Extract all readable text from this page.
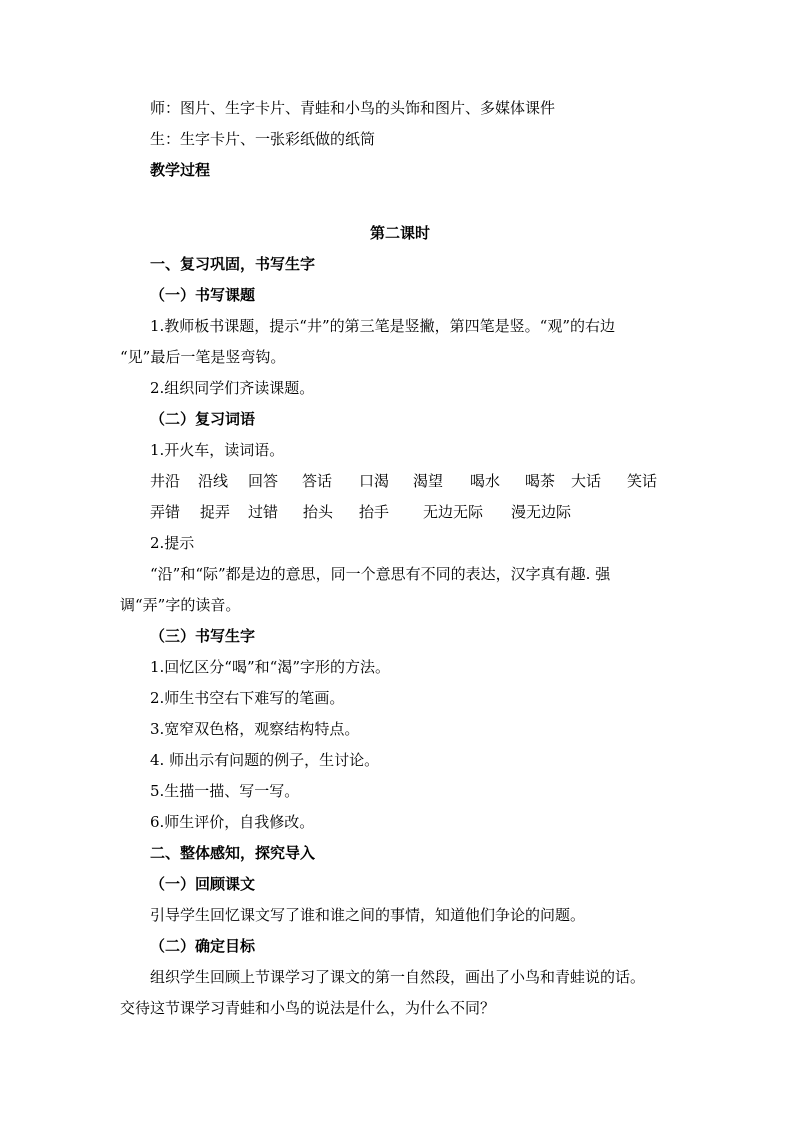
师：图片、生字卡片、青蛙和小鸟的头饰和图片、多媒体课件

生：生字卡片、一张彩纸做的纸筒

教学过程

第二课时

一、复习巩固，书写生字

（一）书写课题

1.教师板书课题，提示“井”的第三笔是竖撇，第四笔是竖。“观”的右边

“见”最后一笔是竖弯钩。

2.组织同学们齐读课题。

（二）复习词语

1.开火车，读词语。

井沿	沿线	回答	答话	口渴	渴望	喝水	喝茶	大话	笑话
弄错	捉弄	过错	抬头	抬手	无边无际	漫无边际

2.提示

“沿”和“际”都是边的意思，同一个意思有不同的表达，汉字真有趣. 强

调“弄”字的读音。

（三）书写生字

1.回忆区分“喝”和“渴”字形的方法。

2.师生书空右下难写的笔画。

3.宽窄双色格，观察结构特点。

4. 师出示有问题的例子，生讨论。

5.生描一描、写一写。

6.师生评价，自我修改。

二、整体感知，探究导入

（一）回顾课文

引导学生回忆课文写了谁和谁之间的事情，知道他们争论的问题。

（二）确定目标

组织学生回顾上节课学习了课文的第一自然段，画出了小鸟和青蛙说的话。

交待这节课学习青蛙和小鸟的说法是什么，为什么不同？
